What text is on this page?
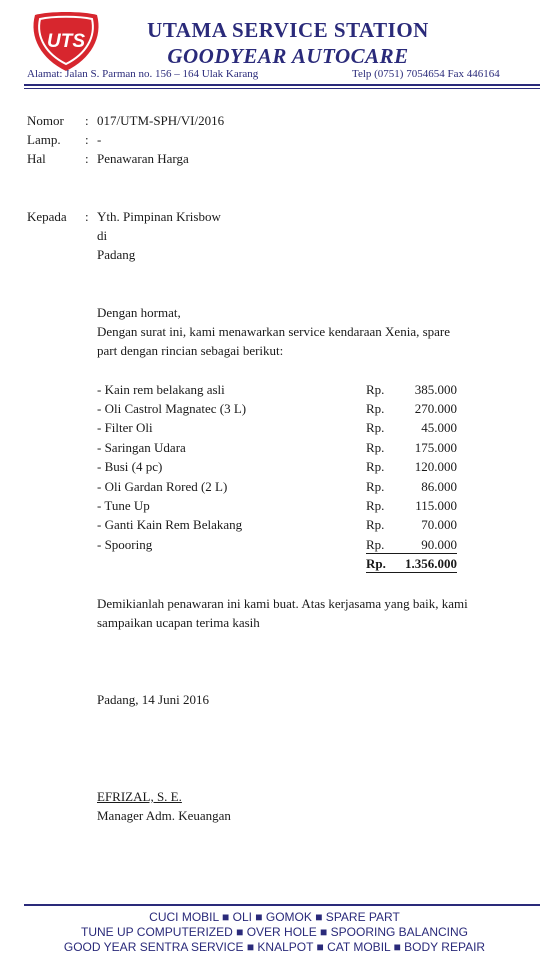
UTS	UTAMA SERVICE STATION
GOODYEAR AUTOCARE
Alamat: Jalan S. Parman no. 156 – 164 Ulak Karang	Telp (0751) 7054654 Fax 446164
Nomor : 017/UTM-SPH/VI/2016
Lamp. : -
Hal	: Penawaran Harga
Kepada : Yth. Pimpinan Krisbow
di
Padang
Dengan hormat,
Dengan surat ini, kami menawarkan service kendaraan Xenia, spare
part dengan rincian sebagai berikut:
- Kain rem belakang asli	Rp.	385.000
- Oli Castrol Magnatec (3 L)	Rp.	270.000
- Filter Oli	Rp.	45.000
- Saringan Udara	Rp.	175.000
- Busi (4 pc)	Rp.	120.000
- Oli Gardan Rored (2 L)	Rp.	86.000
- Tune Up	Rp.	115.000
- Ganti Kain Rem Belakang	Rp.	70.000
- Spooring	Rp.	90.000
Rp. 1.356.000
Demikianlah penawaran ini kami buat. Atas kerjasama yang baik, kami
sampaikan ucapan terima kasih
Padang, 14 Juni 2016
EFRIZAL, S. E.
Manager Adm. Keuangan
CUCI MOBIL ■ OLI ■ GOMOK ■ SPARE PART
TUNE UP COMPUTERIZED ■ OVER HOLE ■ SPOORING BALANCING
GOOD YEAR SENTRA SERVICE ■ KNALPOT ■ CAT MOBIL ■ BODY REPAIR
